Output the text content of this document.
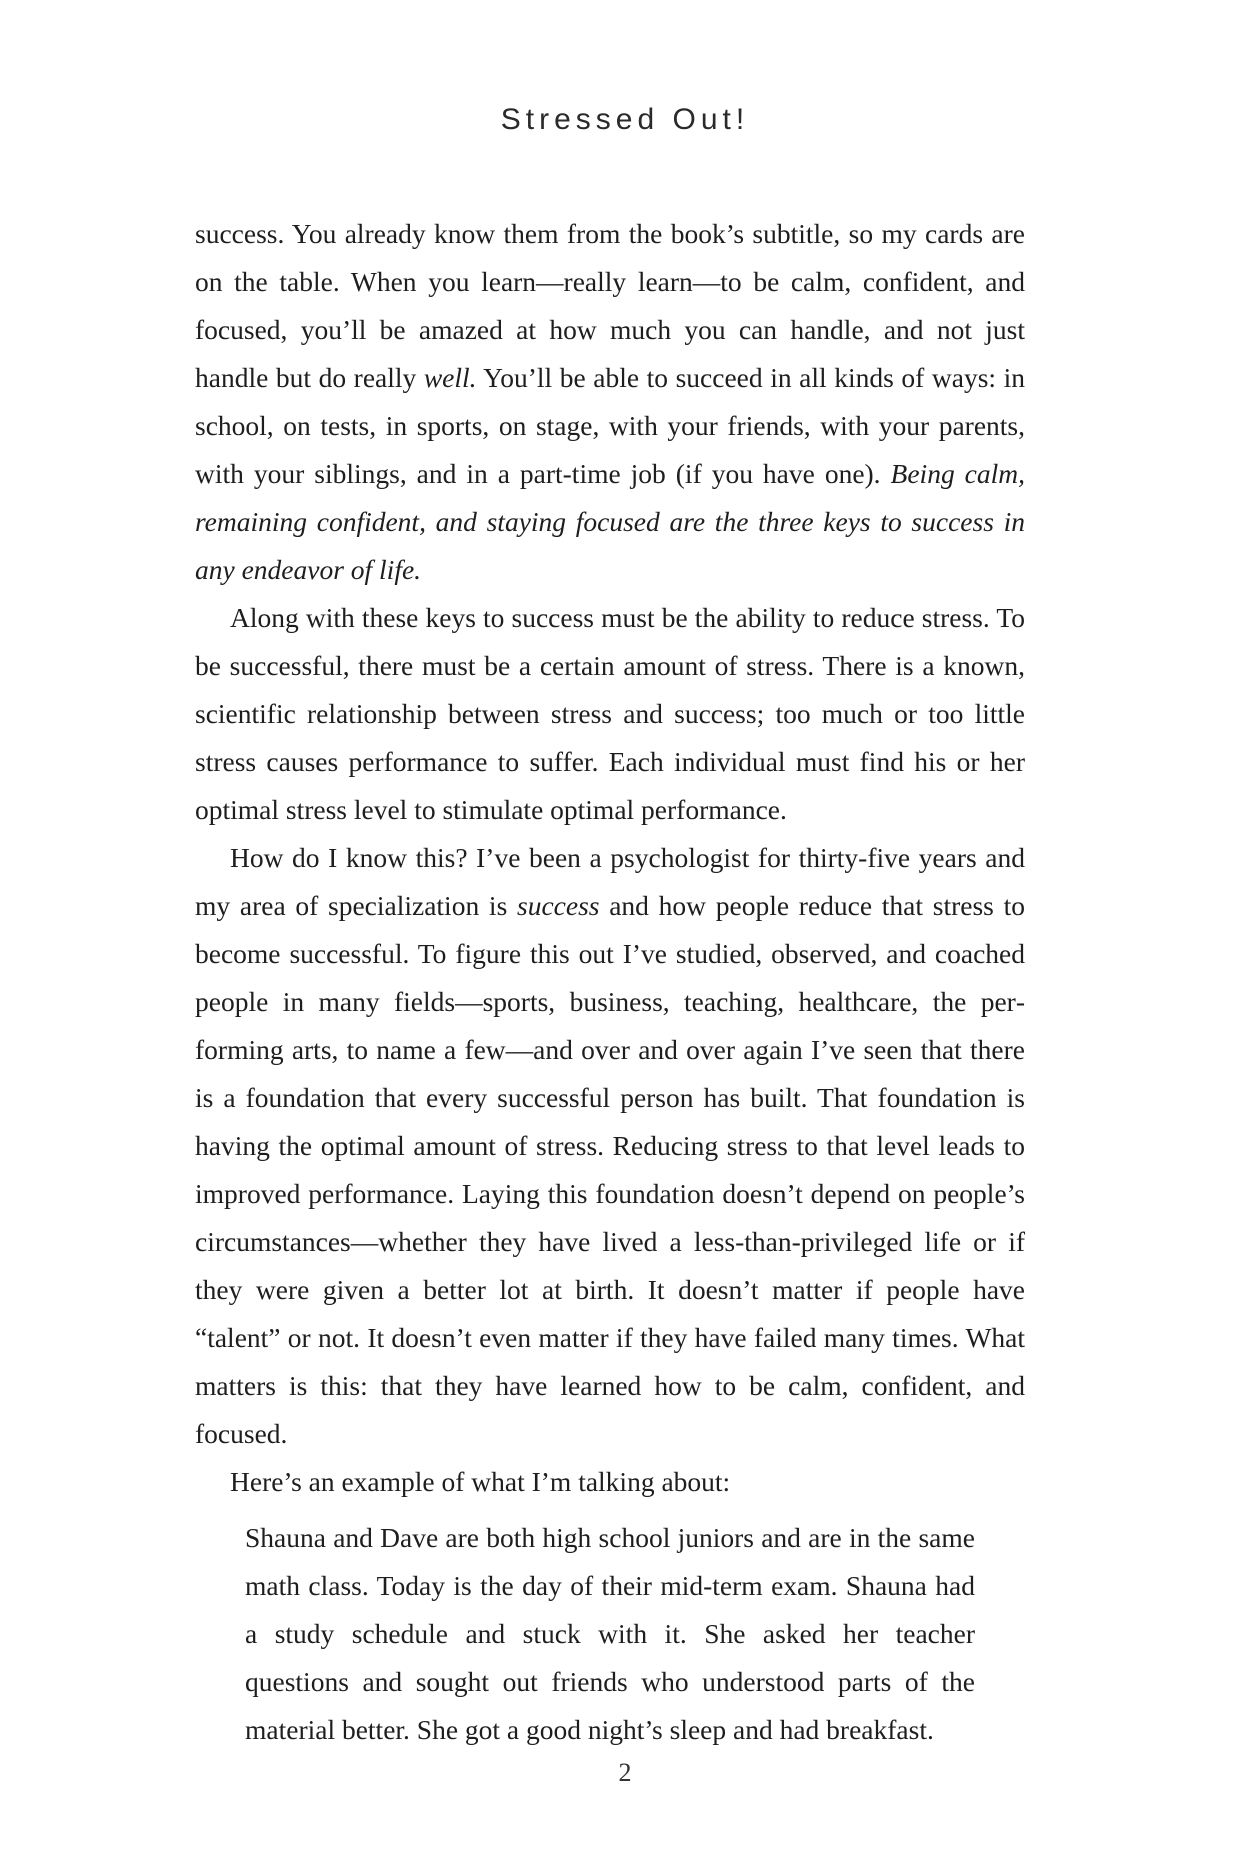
Stressed Out!

success. You already know them from the book’s subtitle, so my cards are on the table. When you learn—really learn—to be calm, confident, and focused, you’ll be amazed at how much you can handle, and not just handle but do really well. You’ll be able to succeed in all kinds of ways: in school, on tests, in sports, on stage, with your friends, with your parents, with your siblings, and in a part-time job (if you have one). Being calm, remaining confident, and staying focused are the three keys to success in any endeavor of life.

Along with these keys to success must be the ability to reduce stress. To be successful, there must be a certain amount of stress. There is a known, scientific relationship between stress and success; too much or too little stress causes performance to suffer. Each individual must find his or her optimal stress level to stimulate optimal performance.

How do I know this? I’ve been a psychologist for thirty-five years and my area of specialization is success and how people reduce that stress to become successful. To figure this out I’ve studied, observed, and coached people in many fields—sports, business, teaching, healthcare, the performing arts, to name a few—and over and over again I’ve seen that there is a foundation that every successful person has built. That foundation is having the optimal amount of stress. Reducing stress to that level leads to improved performance. Laying this foundation doesn’t depend on people’s circumstances—whether they have lived a less-than-privileged life or if they were given a better lot at birth. It doesn’t matter if people have “talent” or not. It doesn’t even matter if they have failed many times. What matters is this: that they have learned how to be calm, confident, and focused.

Here’s an example of what I’m talking about:

Shauna and Dave are both high school juniors and are in the same math class. Today is the day of their mid-term exam. Shauna had a study schedule and stuck with it. She asked her teacher questions and sought out friends who understood parts of the material better. She got a good night’s sleep and had breakfast.

2
